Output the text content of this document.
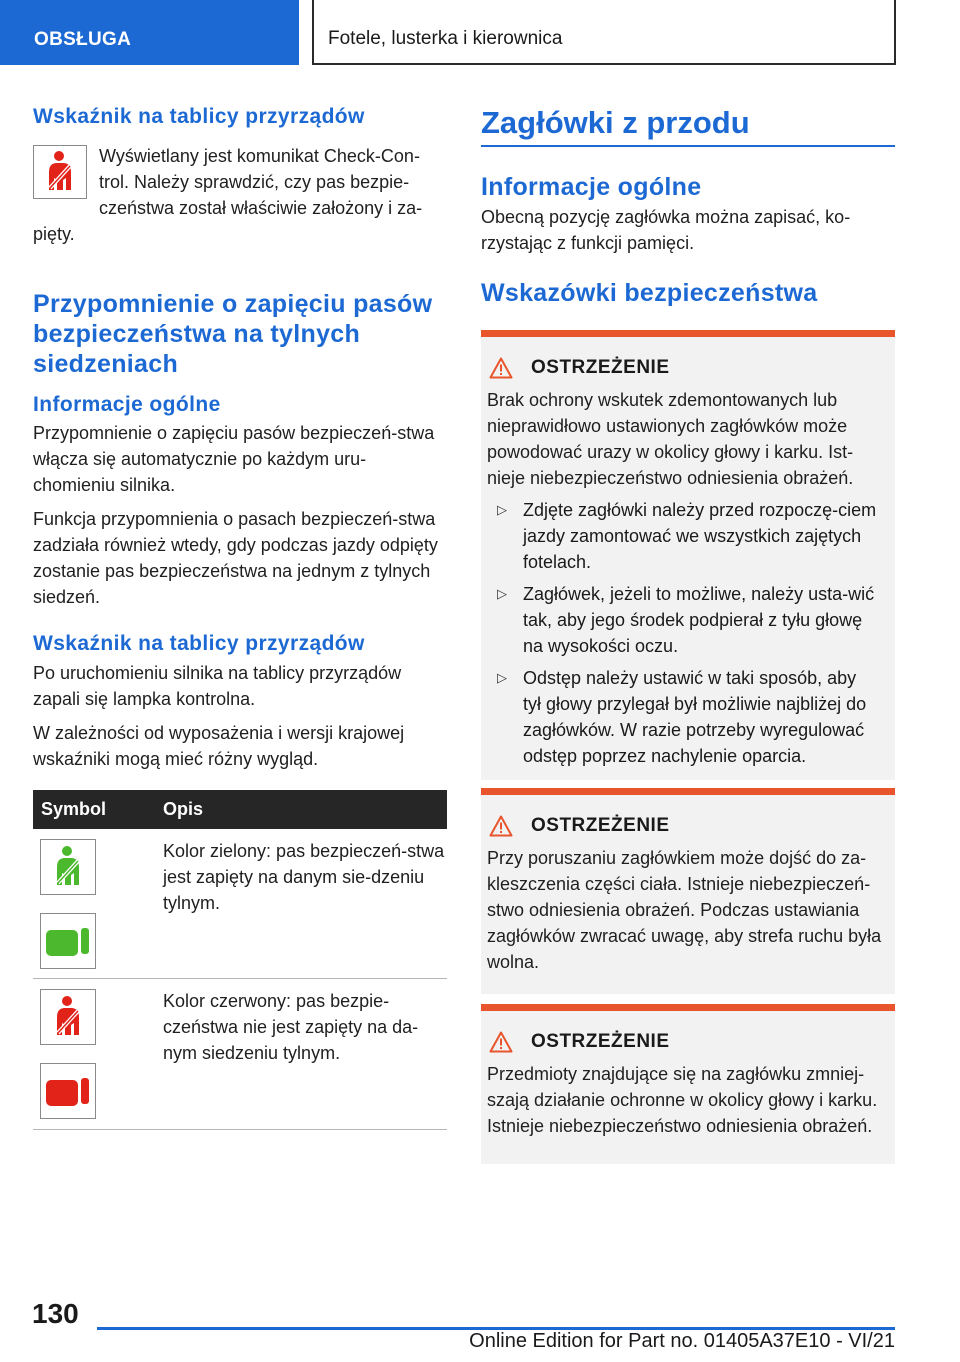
OBSŁUGA	Fotele, lusterka i kierownica
Wskaźnik na tablicy przyrządów
Wyświetlany jest komunikat Check-Con-
trol. Należy sprawdzić, czy pas bezpie-
czeństwa został właściwie założony i za-
pięty.
Przypomnienie o zapięciu pasów bezpieczeństwa na tylnych siedzeniach
Informacje ogólne
Przypomnienie o zapięciu pasów bezpieczeń-stwa włącza się automatycznie po każdym uru-chomieniu silnika.
Funkcja przypomnienia o pasach bezpieczeń-stwa zadziała również wtedy, gdy podczas jazdy odpięty zostanie pas bezpieczeństwa na jednym z tylnych siedzeń.
Wskaźnik na tablicy przyrządów
Po uruchomieniu silnika na tablicy przyrządów zapali się lampka kontrolna.
W zależności od wyposażenia i wersji krajowej wskaźniki mogą mieć różny wygląd.
Symbol	Opis
Kolor zielony: pas bezpieczeń-stwa jest zapięty na danym sie-dzeniu tylnym.
Kolor czerwony: pas bezpie-czeństwa nie jest zapięty na da-nym siedzeniu tylnym.
Zagłówki z przodu
Informacje ogólne
Obecną pozycję zagłówka można zapisać, ko-rzystając z funkcji pamięci.
Wskazówki bezpieczeństwa
OSTRZEŻENIE
Brak ochrony wskutek zdemontowanych lub nieprawidłowo ustawionych zagłówków może powodować urazy w okolicy głowy i karku. Ist-nieje niebezpieczeństwo odniesienia obrażeń.
▷ Zdjęte zagłówki należy przed rozpoczę-ciem jazdy zamontować we wszystkich zajętych fotelach.
▷ Zagłówek, jeżeli to możliwe, należy usta-wić tak, aby jego środek podpierał z tyłu głowę na wysokości oczu.
▷ Odstęp należy ustawić w taki sposób, aby tył głowy przylegał był możliwie najbliżej do zagłówków. W razie potrzeby wyregulować odstęp poprzez nachylenie oparcia.
OSTRZEŻENIE
Przy poruszaniu zagłówkiem może dojść do za-kleszczenia części ciała. Istnieje niebezpieczeń-stwo odniesienia obrażeń. Podczas ustawiania zagłówków zwracać uwagę, aby strefa ruchu była wolna.
OSTRZEŻENIE
Przedmioty znajdujące się na zagłówku zmniej-szają działanie ochronne w okolicy głowy i karku. Istnieje niebezpieczeństwo odniesienia obrażeń.
130
Online Edition for Part no. 01405A37E10 - VI/21
